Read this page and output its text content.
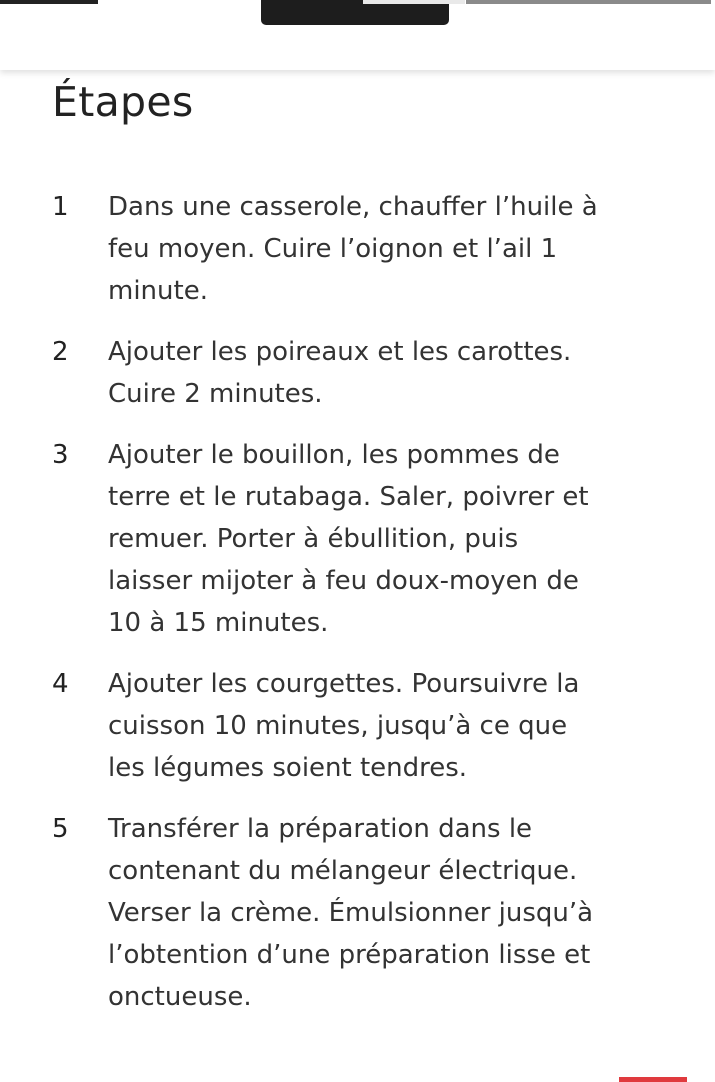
Étapes
1	Dans une casserole, chauffer l’huile à feu moyen. Cuire l’oignon et l’ail 1 minute.
2	Ajouter les poireaux et les carottes. Cuire 2 minutes.
3	Ajouter le bouillon, les pommes de terre et le rutabaga. Saler, poivrer et remuer. Porter à ébullition, puis laisser mijoter à feu doux-moyen de 10 à 15 minutes.
4	Ajouter les courgettes. Poursuivre la cuisson 10 minutes, jusqu’à ce que les légumes soient tendres.
5	Transférer la préparation dans le contenant du mélangeur électrique. Verser la crème. Émulsionner jusqu’à l’obtention d’une préparation lisse et onctueuse.
